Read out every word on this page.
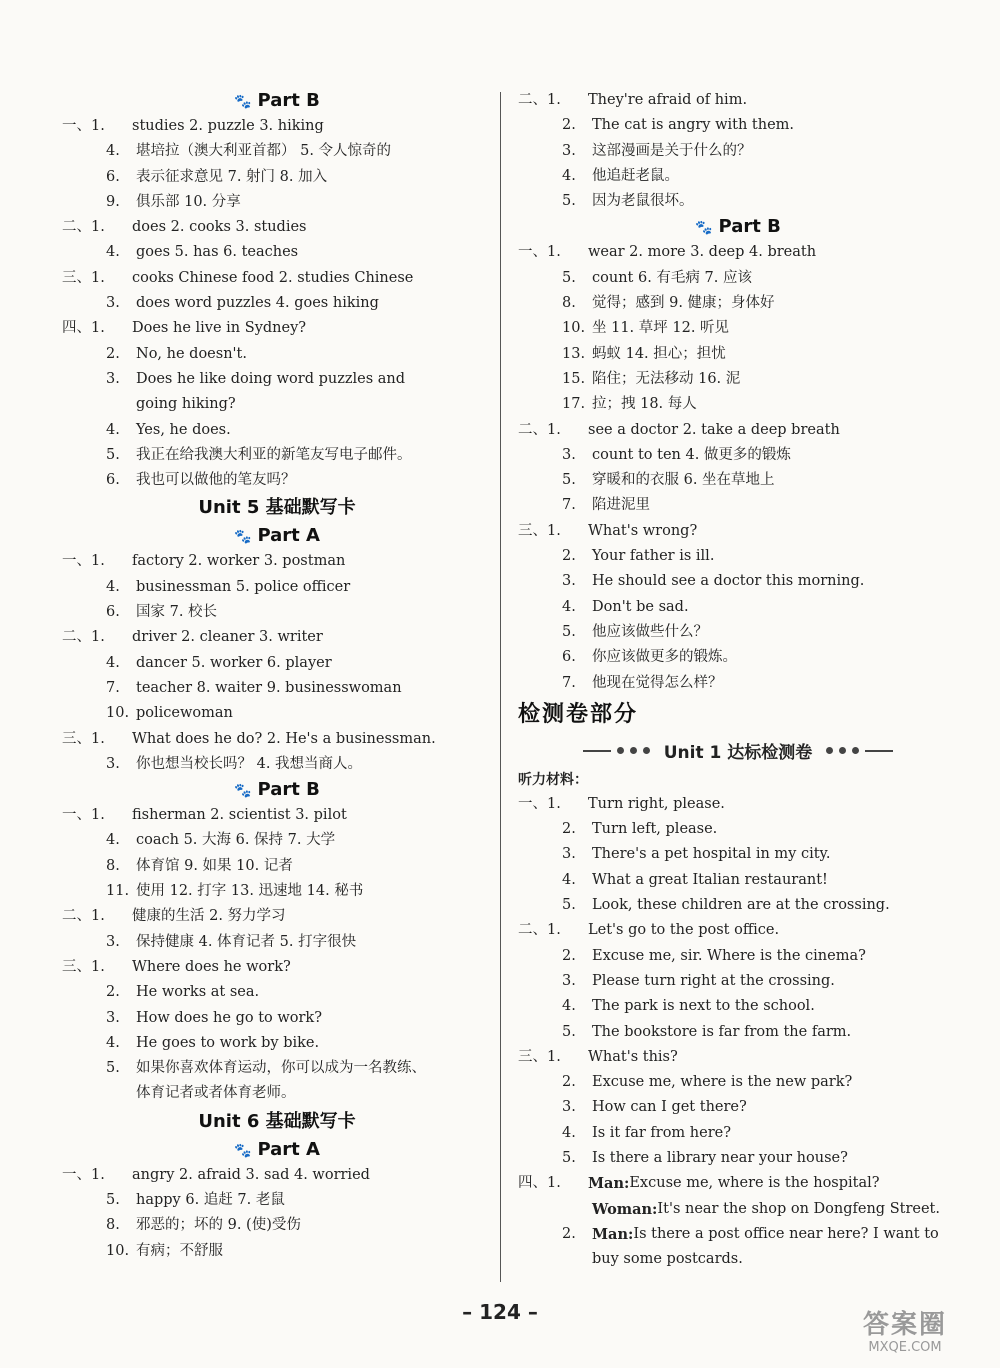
🐾 Part B
一、1.	studies 2. puzzle 3. hiking
4.	堪培拉（澳大利亚首都） 5. 令人惊奇的
6.	表示征求意见 7. 射门 8. 加入
9.	俱乐部 10. 分享
二、1.	does 2. cooks 3. studies
4.	goes 5. has 6. teaches
三、1.	cooks Chinese food 2. studies Chinese
3.	does word puzzles 4. goes hiking
四、1.	Does he live in Sydney?
2.	No, he doesn't.
3.	Does he like doing word puzzles and
going hiking?
4.	Yes, he does.
5.	我正在给我澳大利亚的新笔友写电子邮件。
6.	我也可以做他的笔友吗？
Unit 5 基础默写卡
🐾 Part A
一、1.	factory 2. worker 3. postman
4.	businessman 5. police officer
6.	国家 7. 校长
二、1.	driver 2. cleaner 3. writer
4.	dancer 5. worker 6. player
7.	teacher 8. waiter 9. businesswoman
10. policewoman
三、1.	What does he do? 2. He's a businessman.
3.	你也想当校长吗？ 4. 我想当商人。
🐾 Part B
一、1.	fisherman 2. scientist 3. pilot
4.	coach 5. 大海 6. 保持 7. 大学
8.	体育馆 9. 如果 10. 记者
11. 使用 12. 打字 13. 迅速地 14. 秘书
二、1.	健康的生活 2. 努力学习
3.	保持健康 4. 体育记者 5. 打字很快
三、1.	Where does he work?
2.	He works at sea.
3.	How does he go to work?
4.	He goes to work by bike.
5.	如果你喜欢体育运动，你可以成为一名教练、
体育记者或者体育老师。
Unit 6 基础默写卡
🐾 Part A
一、1.	angry 2. afraid 3. sad 4. worried
5.	happy 6. 追赶 7. 老鼠
8.	邪恶的；坏的 9. (使)受伤
10. 有病；不舒服
二、1.	They're afraid of him.
2.	The cat is angry with them.
3.	这部漫画是关于什么的？
4.	他追赶老鼠。
5.	因为老鼠很坏。
🐾 Part B
一、1.	wear 2. more 3. deep 4. breath
5.	count 6. 有毛病 7. 应该
8.	觉得；感到 9. 健康；身体好
10. 坐 11. 草坪 12. 听见
13. 蚂蚁 14. 担心；担忧
15. 陷住；无法移动 16. 泥
17. 拉；拽 18. 每人
二、1.	see a doctor 2. take a deep breath
3.	count to ten 4. 做更多的锻炼
5.	穿暖和的衣服 6. 坐在草地上
7.	陷进泥里
三、1.	What's wrong?
2.	Your father is ill.
3.	He should see a doctor this morning.
4.	Don't be sad.
5.	他应该做些什么？
6.	你应该做更多的锻炼。
7.	他现在觉得怎么样？
检测卷部分
Unit 1 达标检测卷
听力材料：
一、1.	Turn right, please.
2.	Turn left, please.
3.	There's a pet hospital in my city.
4.	What a great Italian restaurant!
5.	Look, these children are at the crossing.
二、1.	Let's go to the post office.
2.	Excuse me, sir. Where is the cinema?
3.	Please turn right at the crossing.
4.	The park is next to the school.
5.	The bookstore is far from the farm.
三、1.	What's this?
2.	Excuse me, where is the new park?
3.	How can I get there?
4.	Is it far from here?
5.	Is there a library near your house?
四、1.	Man: Excuse me, where is the hospital?
Woman: It's near the shop on Dongfeng Street.
2.	Man: Is there a post office near here? I want to
buy some postcards.
– 124 –	答案圈
MXQE.COM
